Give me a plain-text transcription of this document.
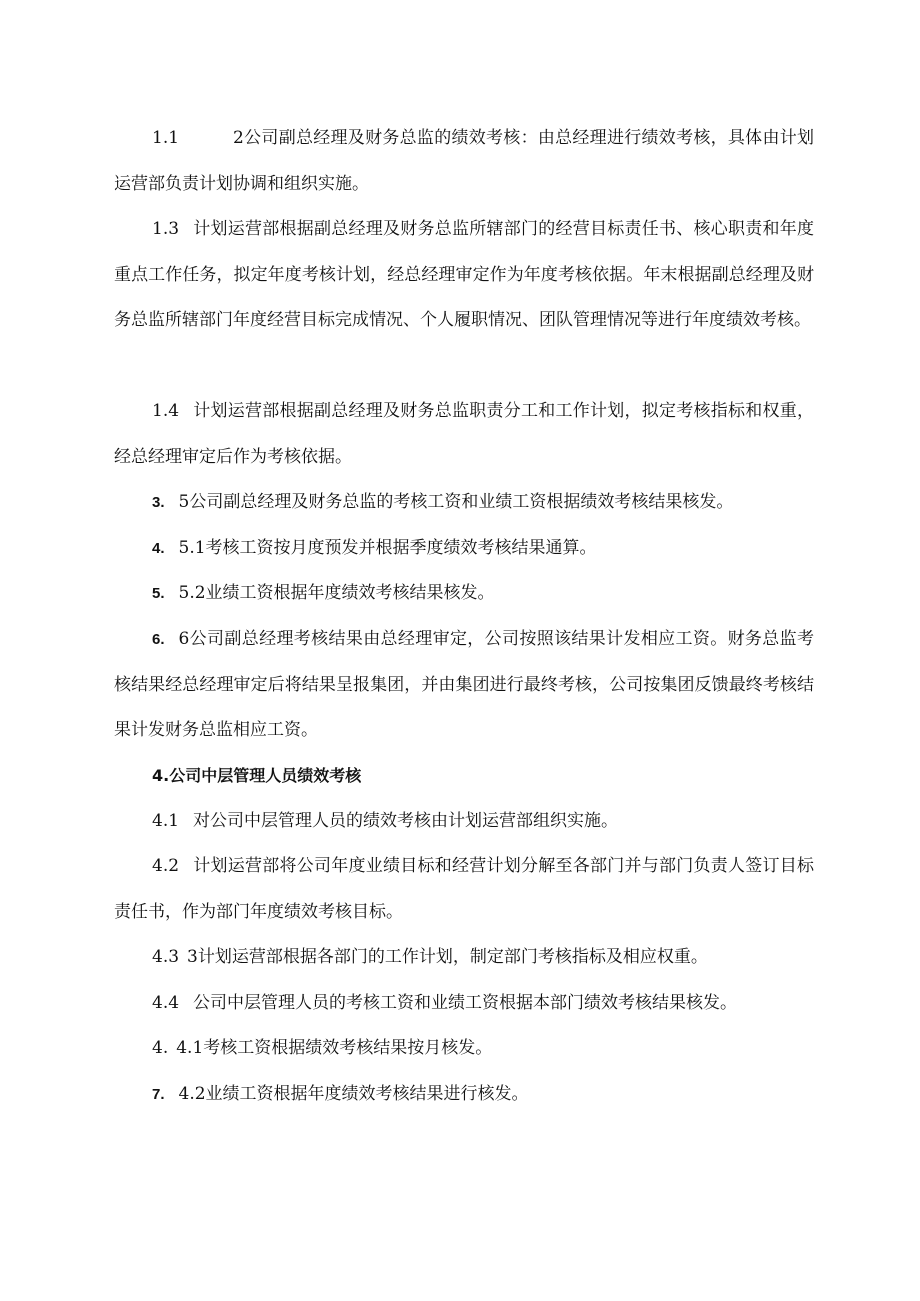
1.1	2公司副总经理及财务总监的绩效考核：由总经理进行绩效考核，具体由计划运营部负责计划协调和组织实施。

1.3 计划运营部根据副总经理及财务总监所辖部门的经营目标责任书、核心职责和年度重点工作任务，拟定年度考核计划，经总经理审定作为年度考核依据。年末根据副总经理及财务总监所辖部门年度经营目标完成情况、个人履职情况、团队管理情况等进行年度绩效考核。

1.4 计划运营部根据副总经理及财务总监职责分工和工作计划，拟定考核指标和权重，经总经理审定后作为考核依据。

3. 5公司副总经理及财务总监的考核工资和业绩工资根据绩效考核结果核发。

4. 5.1考核工资按月度预发并根据季度绩效考核结果通算。

5. 5.2业绩工资根据年度绩效考核结果核发。

6. 6公司副总经理考核结果由总经理审定，公司按照该结果计发相应工资。财务总监考核结果经总经理审定后将结果呈报集团，并由集团进行最终考核，公司按集团反馈最终考核结果计发财务总监相应工资。

4.公司中层管理人员绩效考核

4.1 对公司中层管理人员的绩效考核由计划运营部组织实施。

4.2 计划运营部将公司年度业绩目标和经营计划分解至各部门并与部门负责人签订目标责任书，作为部门年度绩效考核目标。

4.3 3计划运营部根据各部门的工作计划，制定部门考核指标及相应权重。

4.4 公司中层管理人员的考核工资和业绩工资根据本部门绩效考核结果核发。

4. 4.1考核工资根据绩效考核结果按月核发。

7. 4.2业绩工资根据年度绩效考核结果进行核发。
